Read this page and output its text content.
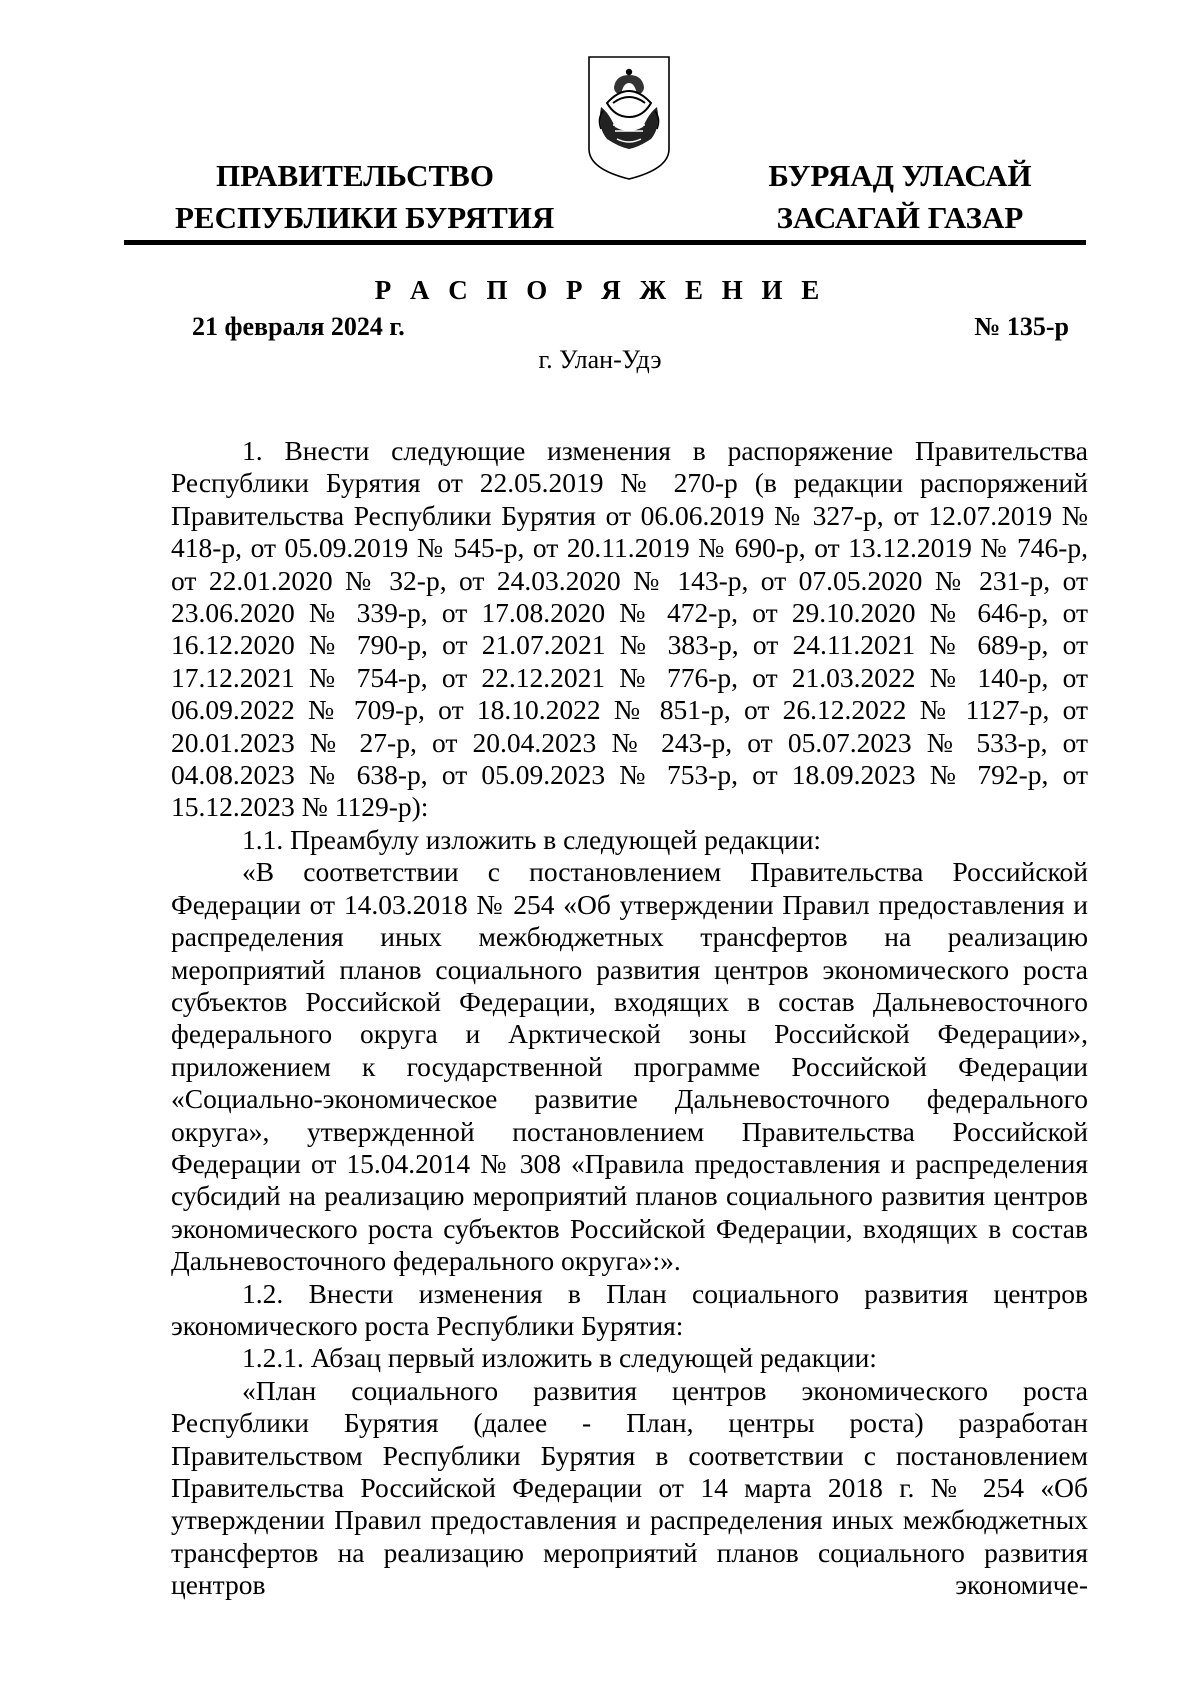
ПРАВИТЕЛЬСТВО
РЕСПУБЛИКИ БУРЯТИЯ
БУРЯАД УЛАСАЙ
ЗАСАГАЙ ГАЗАР
Р А С П О Р Я Ж Е Н И Е
21 февраля 2024 г.	№ 135-р
г. Улан-Удэ

1. Внести следующие изменения в распоряжение Правительства Республики Бурятия от 22.05.2019 № 270-р (в редакции распоряжений Правительства Республики Бурятия от 06.06.2019 № 327-р, от 12.07.2019 № 418-р, от 05.09.2019 № 545-р, от 20.11.2019 № 690-р, от 13.12.2019 № 746-р, от 22.01.2020 № 32-р, от 24.03.2020 № 143-р, от 07.05.2020 № 231-р, от 23.06.2020 № 339-р, от 17.08.2020 № 472-р, от 29.10.2020 № 646-р, от 16.12.2020 № 790-р, от 21.07.2021 № 383-р, от 24.11.2021 № 689-р, от 17.12.2021 № 754-р, от 22.12.2021 № 776-р, от 21.03.2022 № 140-р, от 06.09.2022 № 709-р, от 18.10.2022 № 851-р, от 26.12.2022 № 1127-р, от 20.01.2023 № 27-р, от 20.04.2023 № 243-р, от 05.07.2023 № 533-р, от 04.08.2023 № 638-р, от 05.09.2023 № 753-р, от 18.09.2023 № 792-р, от 15.12.2023 № 1129-р):

1.1. Преамбулу изложить в следующей редакции:

«В соответствии с постановлением Правительства Российской Федерации от 14.03.2018 № 254 «Об утверждении Правил предоставления и распределения иных межбюджетных трансфертов на реализацию мероприятий планов социального развития центров экономического роста субъектов Российской Федерации, входящих в состав Дальневосточного федерального округа и Арктической зоны Российской Федерации», приложением к государственной программе Российской Федерации «Социально-экономическое развитие Дальневосточного федерального округа», утвержденной постановлением Правительства Российской Федерации от 15.04.2014 № 308 «Правила предоставления и распределения субсидий на реализацию мероприятий планов социального развития центров экономического роста субъектов Российской Федерации, входящих в состав Дальневосточного федерального округа»:».

1.2. Внести изменения в План социального развития центров экономического роста Республики Бурятия:

1.2.1. Абзац первый изложить в следующей редакции:

«План социального развития центров экономического роста Республики Бурятия (далее - План, центры роста) разработан Правительством Республики Бурятия в соответствии с постановлением Правительства Российской Федерации от 14 марта 2018 г. № 254 «Об утверждении Правил предоставления и распределения иных межбюджетных трансфертов на реализацию мероприятий планов социального развития центров экономиче-
